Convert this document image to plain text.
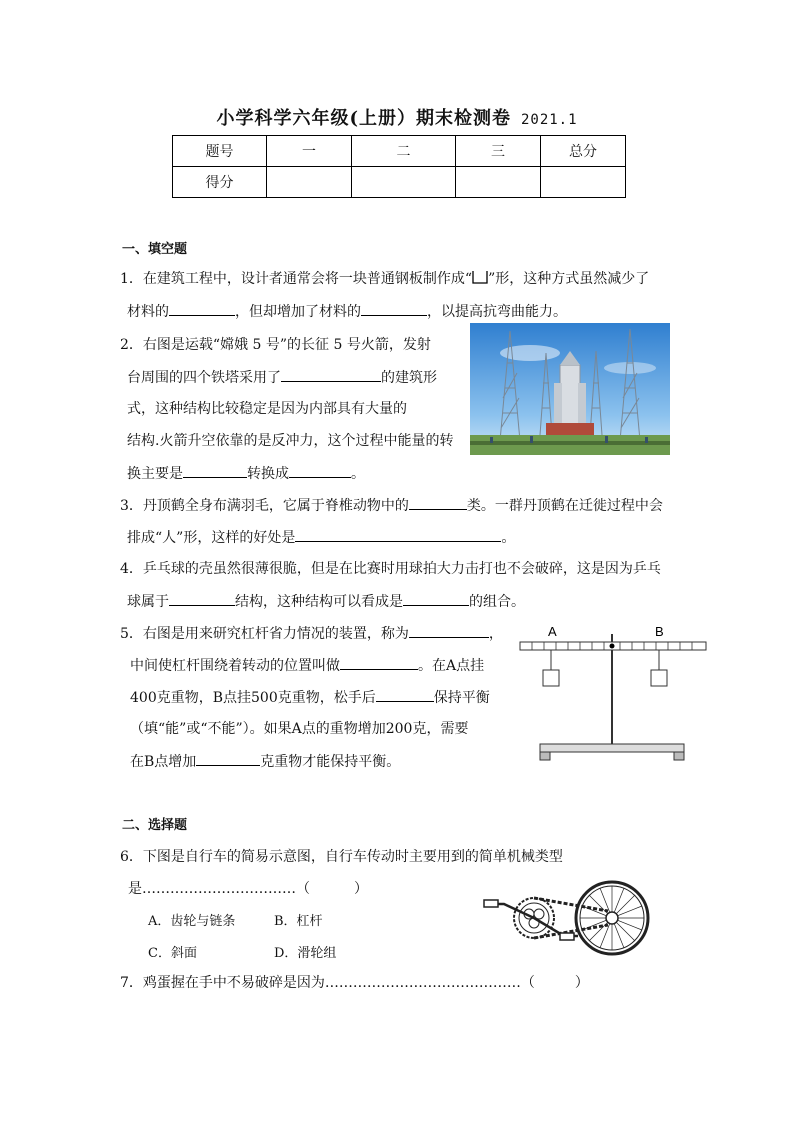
小学科学六年级(上册）期末检测卷 2021.1
题号	一	二	三	总分
得分				
一、填空题
1．在建筑工程中，设计者通常会将一块普通钢板制作成“ ”形，这种方式虽然减少了
材料的	，但却增加了材料的	，以提高抗弯曲能力。
2．右图是运载“嫦娥 5 号”的长征 5 号火箭，发射
台周围的四个铁塔采用了	的建筑形
式，这种结构比较稳定是因为内部具有大量的
结构.火箭升空依靠的是反冲力，这个过程中能量的转
换主要是	转换成	。
3．丹顶鹤全身布满羽毛，它属于脊椎动物中的	类。一群丹顶鹤在迁徙过程中会
排成“人”形，这样的好处是	。
4．乒乓球的壳虽然很薄很脆，但是在比赛时用球拍大力击打也不会破碎，这是因为乒乓
球属于	结构，这种结构可以看成是	的组合。
5．右图是用来研究杠杆省力情况的装置，称为	，
中间使杠杆围绕着转动的位置叫做	。在A点挂
400克重物，B点挂500克重物，松手后	保持平衡
（填“能”或“不能”）。如果A点的重物增加200克，需要
在B点增加	克重物才能保持平衡。
A	B
二、选择题
6．下图是自行车的简易示意图，自行车传动时主要用到的简单机械类型
是……………………………（	）
A．齿轮与链条	B．杠杆
C．斜面	D．滑轮组
7．鸡蛋握在手中不易破碎是因为……………………………………（	）
